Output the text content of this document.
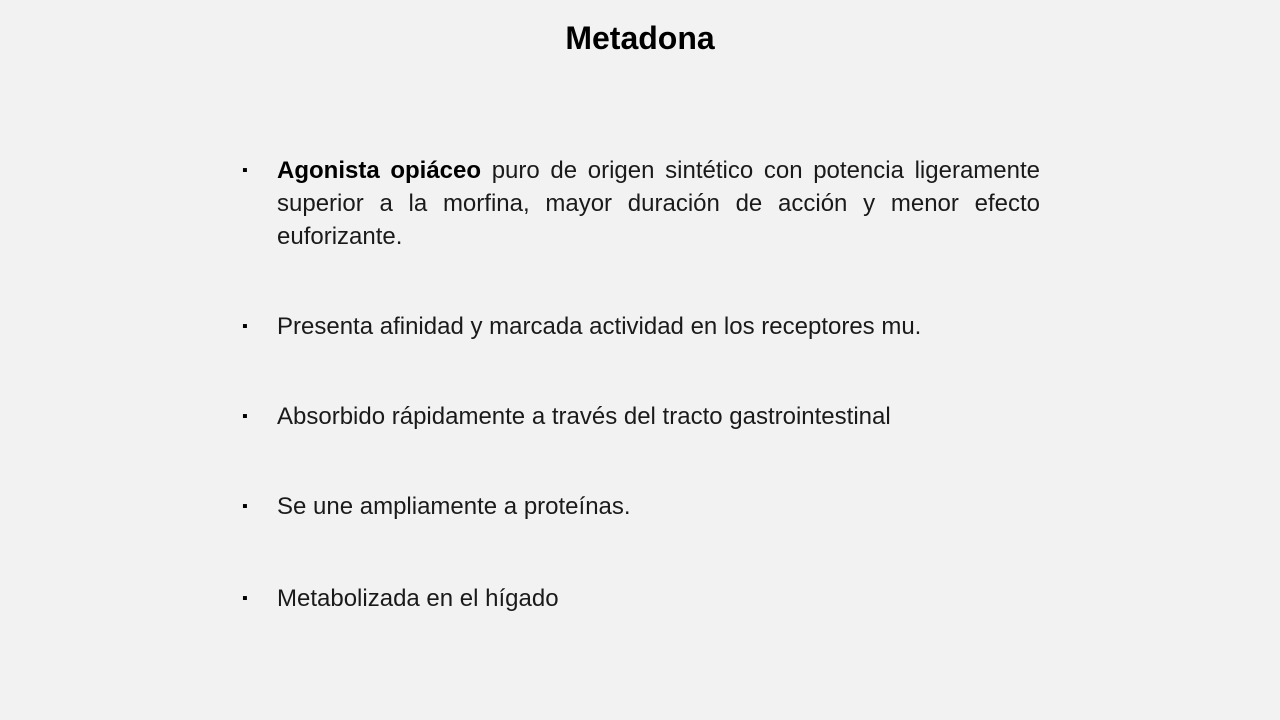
Metadona
▪	Agonista opiáceo puro de origen sintético con potencia ligeramente superior a la morfina, mayor duración de acción y menor efecto euforizante.
▪	Presenta afinidad y marcada actividad en los receptores mu.
▪	Absorbido rápidamente a través del tracto gastrointestinal
▪	Se une ampliamente a proteínas.
▪	Metabolizada en el hígado
